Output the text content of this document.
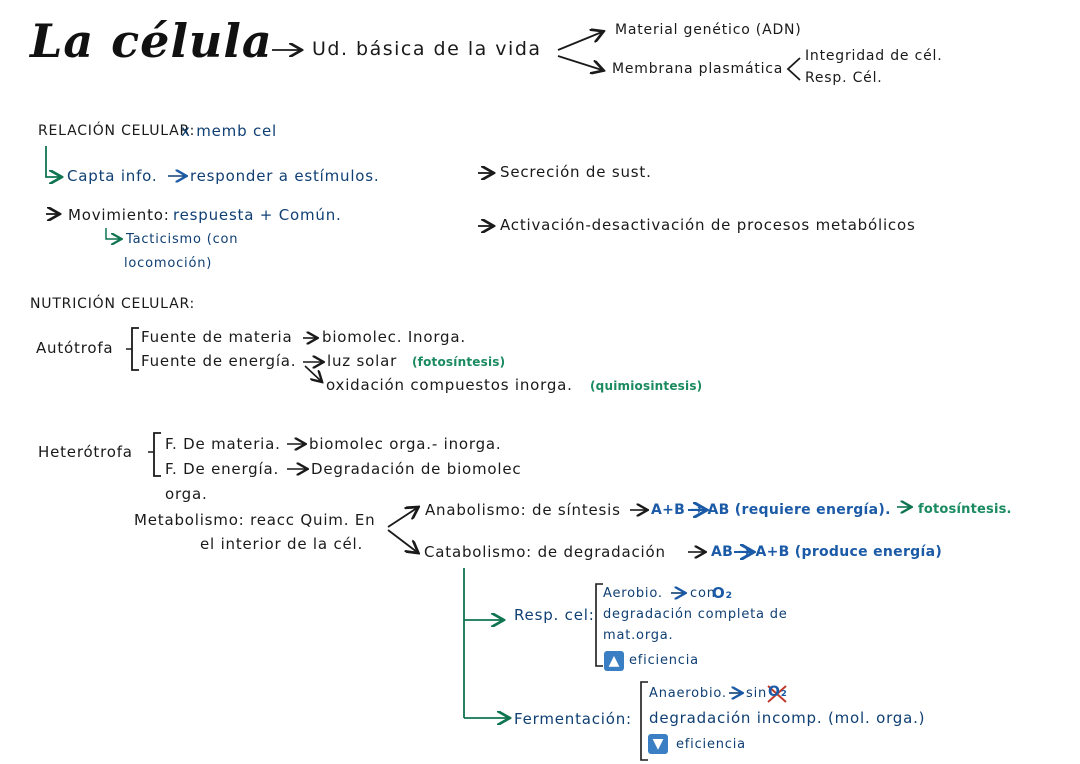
La célula Ud. básica de la vida
Material genético (ADN)
Membrana plasmática
Integridad de cél.
Resp. Cél.
RELACIÓN CELULAR:
x memb cel
Capta info. responder a estímulos.
Movimiento: respuesta + Común.
Tacticismo (con
locomoción)
Secreción de sust.
Activación-desactivación de procesos metabólicos
NUTRICIÓN CELULAR:
Autótrofa
Fuente de materia biomolec. Inorga.
Fuente de energía. luz solar (fotosíntesis)
oxidación compuestos inorga. (quimiosintesis)
Heterótrofa F. De materia. biomolec orga.- inorga.
F. De energía. Degradación de biomolec
orga.
Metabolismo: reacc Quim. En
el interior de la cél.
Anabolismo: de síntesis A+B → AB (requiere energía). fotosíntesis.
Catabolismo: de degradación	AB → A+B (produce energía)
Resp. cel:
Aerobio. con
O₂
degradación completa de
mat.orga.
▲ eficiencia
Fermentación:
Anaerobio. sin O₂
degradación incomp. (mol. orga.)
▼ eficiencia
